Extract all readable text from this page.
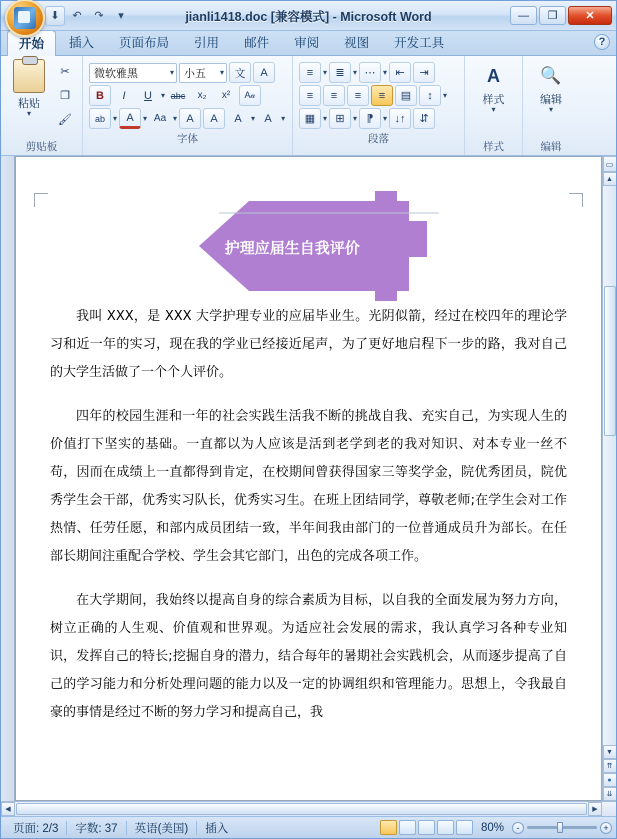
⬇	↶	↷	▾	jianli1418.doc [兼容模式] - Microsoft Word	—	❐	✕
开始	插入	页面布局	引用	邮件	审阅	视图	开发工具	?
粘贴
▾
✂
❐
🖌
剪贴板
微软雅黑	▾ 小五	▾ 文	A
B	I	U	▾ abc	x₂	x²	A𝒶
ab	▾ A	▾ Aa ▾ A	A	A	▾ A	▾
字体
≡	▾ ≣	▾ ⋯ ▾ ⇤	⇥
≡	≡	≡	≡	▤	↕	▾
▦ ▾ ⊞	▾ ⁋	▾ ↓↑	⇵
段落
A
样式
▾
样式
🔍
编辑
▾
编辑
护理应届生自我评价

我叫 XXX，是 XXX 大学护理专业的应届毕业生。光阴似箭，经过在校四年的理论学习和近一年的实习，现在我的学业已经接近尾声，为了更好地启程下一步的路，我对自己的大学生活做了一个个人评价。

四年的校园生涯和一年的社会实践生活我不断的挑战自我、充实自己，为实现人生的价值打下坚实的基础。一直都以为人应该是活到老学到老的我对知识、对本专业一丝不苟，因而在成绩上一直都得到肯定，在校期间曾获得国家三等奖学金，院优秀团员，院优秀学生会干部，优秀实习队长，优秀实习生。在班上团结同学，尊敬老师;在学生会对工作热情、任劳任愿，和部内成员团结一致，半年间我由部门的一位普通成员升为部长。在任部长期间注重配合学校、学生会其它部门，出色的完成各项工作。

在大学期间，我始终以提高自身的综合素质为目标，以自我的全面发展为努力方向，树立正确的人生观、价值观和世界观。为适应社会发展的需求，我认真学习各种专业知识，发挥自己的特长;挖掘自身的潜力，结合每年的暑期社会实践机会，从而逐步提高了自己的学习能力和分析处理问题的能力以及一定的协调组织和管理能力。思想上，令我最自豪的事情是经过不断的努力学习和提高自己，我

▭
▲
▼
⇈
●
⇊
◀	▶
页面: 2/3	字数: 37	英语(美国)	插入	80%	-	+
